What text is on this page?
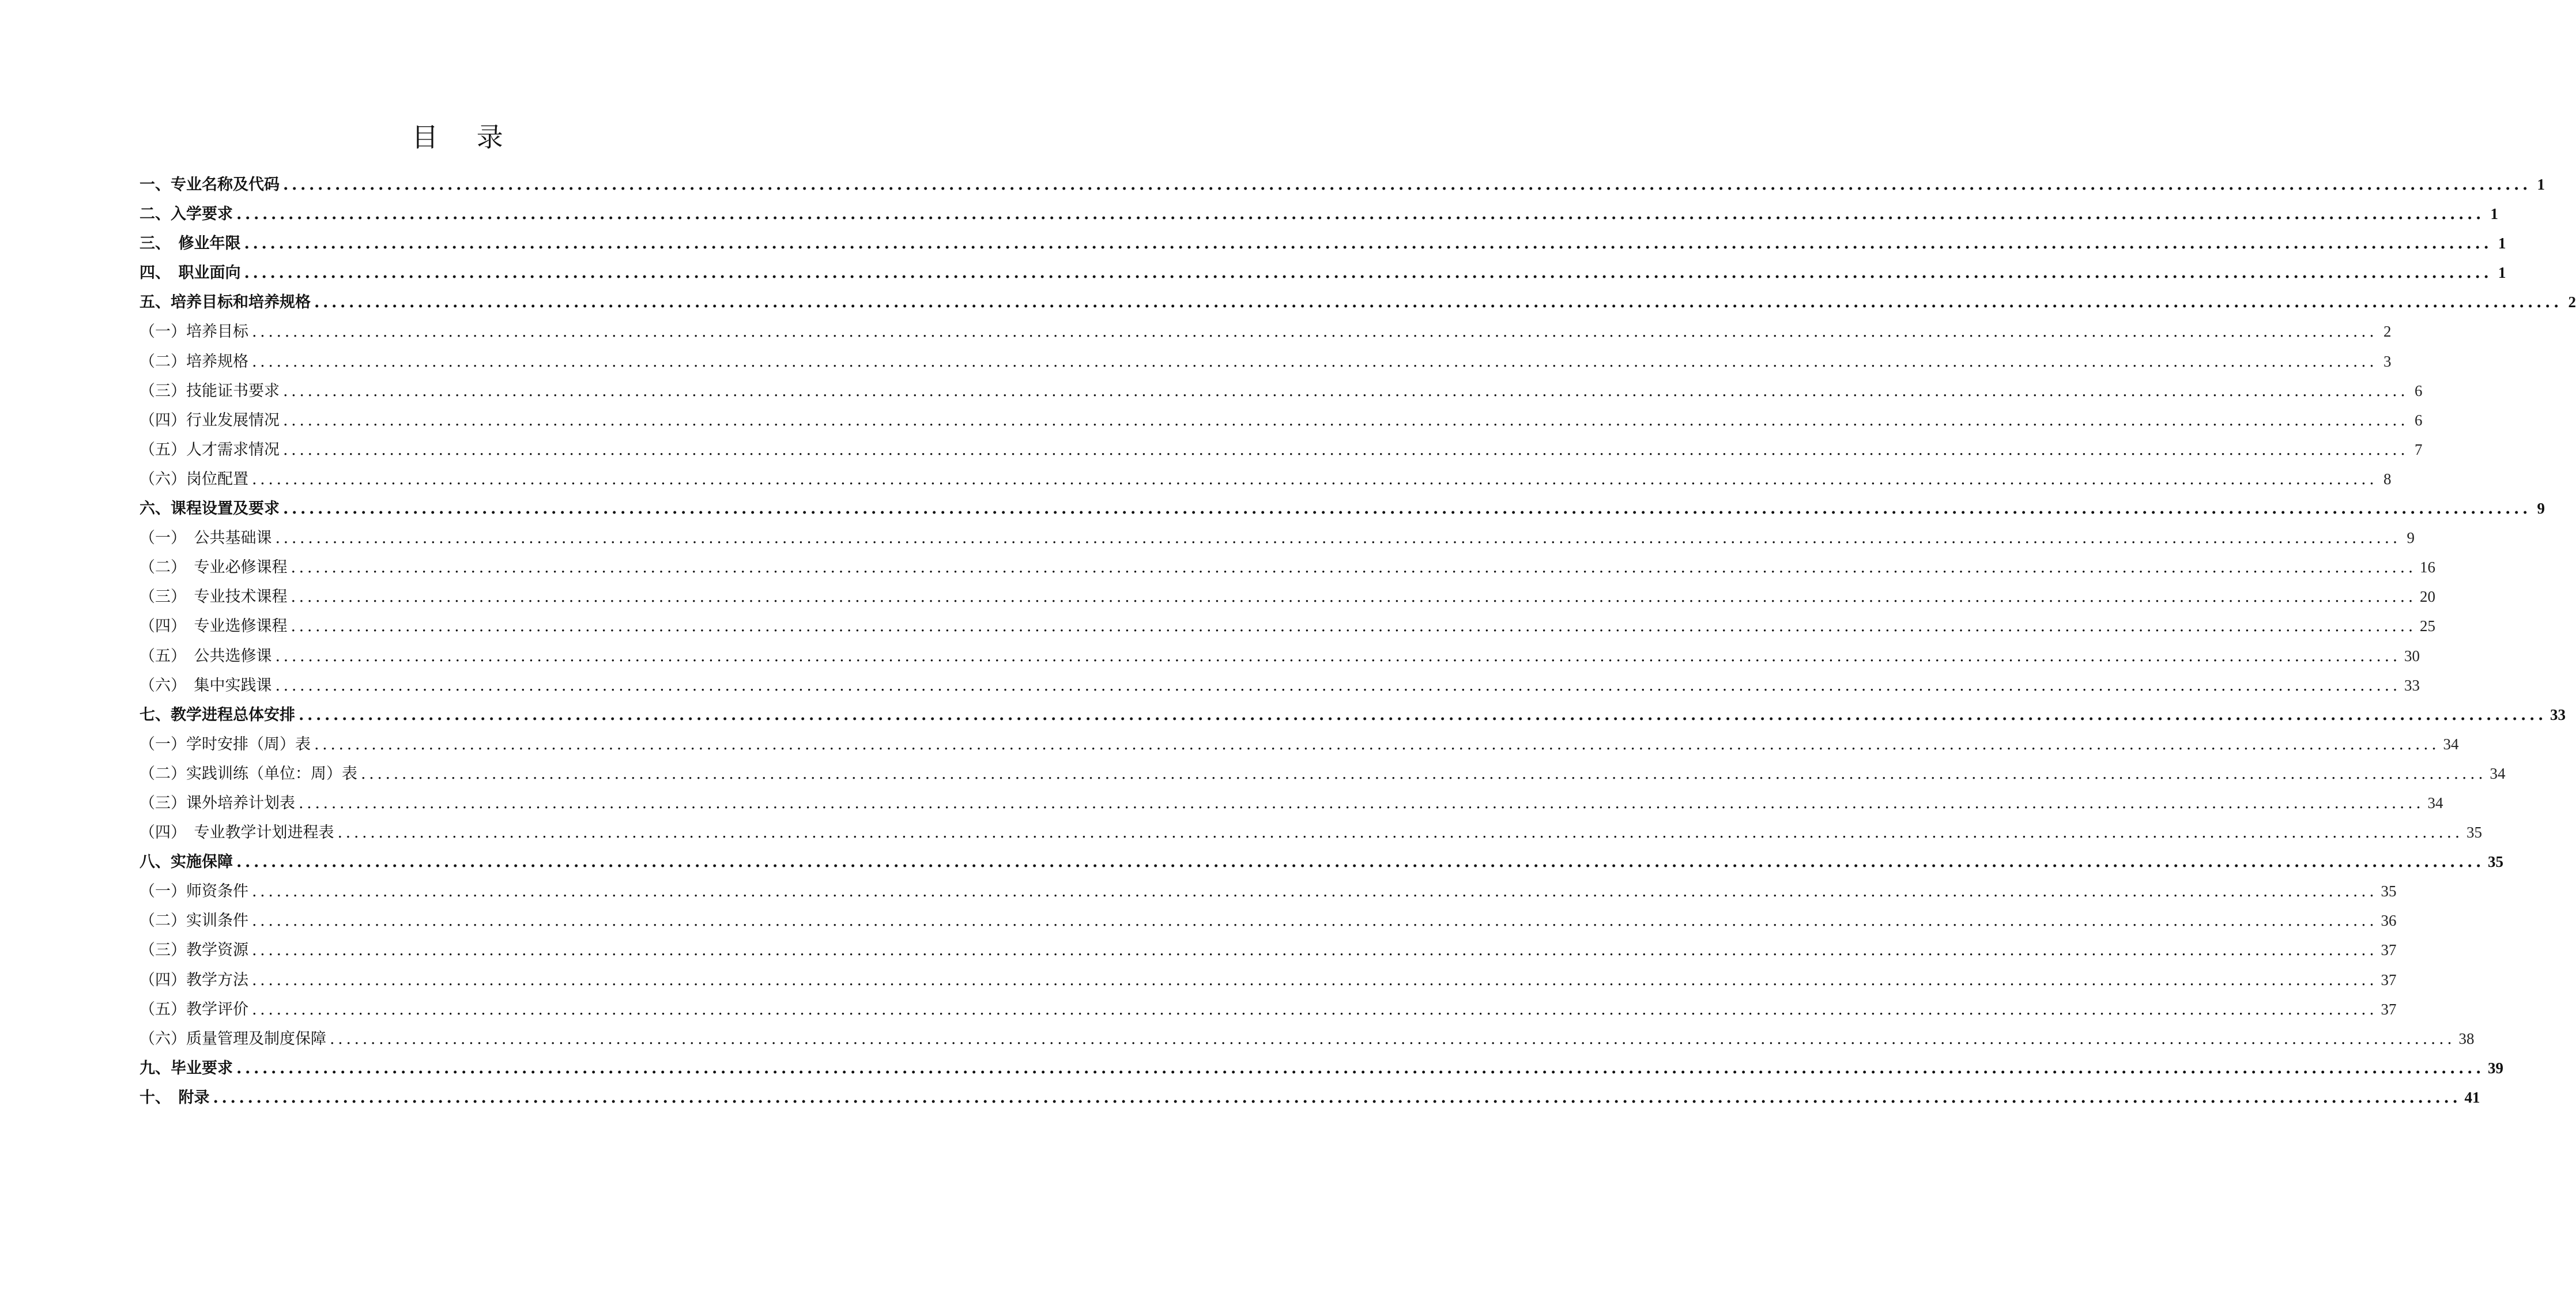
目 录
一、专业名称及代码 .................................................................................................................................................................................................................................................................... 1
二、入学要求 .................................................................................................................................................................................................................................................................... 1
三、　修业年限 .................................................................................................................................................................................................................................................................... 1
四、　职业面向 .................................................................................................................................................................................................................................................................... 1
五、培养目标和培养规格 .................................................................................................................................................................................................................................................................... 2
（一）培养目标 .................................................................................................................................................................................................................................................................... 2
（二）培养规格 .................................................................................................................................................................................................................................................................... 3
（三）技能证书要求 .................................................................................................................................................................................................................................................................... 6
（四）行业发展情况 .................................................................................................................................................................................................................................................................... 6
（五）人才需求情况 .................................................................................................................................................................................................................................................................... 7
（六）岗位配置 .................................................................................................................................................................................................................................................................... 8
六、课程设置及要求 .................................................................................................................................................................................................................................................................... 9
（一）　公共基础课 .................................................................................................................................................................................................................................................................... 9
（二）　专业必修课程 .................................................................................................................................................................................................................................................................... 16
（三）　专业技术课程 .................................................................................................................................................................................................................................................................... 20
（四）　专业选修课程 .................................................................................................................................................................................................................................................................... 25
（五）　公共选修课 .................................................................................................................................................................................................................................................................... 30
（六）　集中实践课 .................................................................................................................................................................................................................................................................... 33
七、教学进程总体安排 .................................................................................................................................................................................................................................................................... 33
（一）学时安排（周）表 .................................................................................................................................................................................................................................................................... 34
（二）实践训练（单位：周）表 .................................................................................................................................................................................................................................................................... 34
（三）课外培养计划表 .................................................................................................................................................................................................................................................................... 34
（四）　专业教学计划进程表 .................................................................................................................................................................................................................................................................... 35
八、实施保障 .................................................................................................................................................................................................................................................................... 35
（一）师资条件 .................................................................................................................................................................................................................................................................... 35
（二）实训条件 .................................................................................................................................................................................................................................................................... 36
（三）教学资源 .................................................................................................................................................................................................................................................................... 37
（四）教学方法 .................................................................................................................................................................................................................................................................... 37
（五）教学评价 .................................................................................................................................................................................................................................................................... 37
（六）质量管理及制度保障 .................................................................................................................................................................................................................................................................... 38
九、毕业要求 .................................................................................................................................................................................................................................................................... 39
十、　附录 .................................................................................................................................................................................................................................................................... 41
